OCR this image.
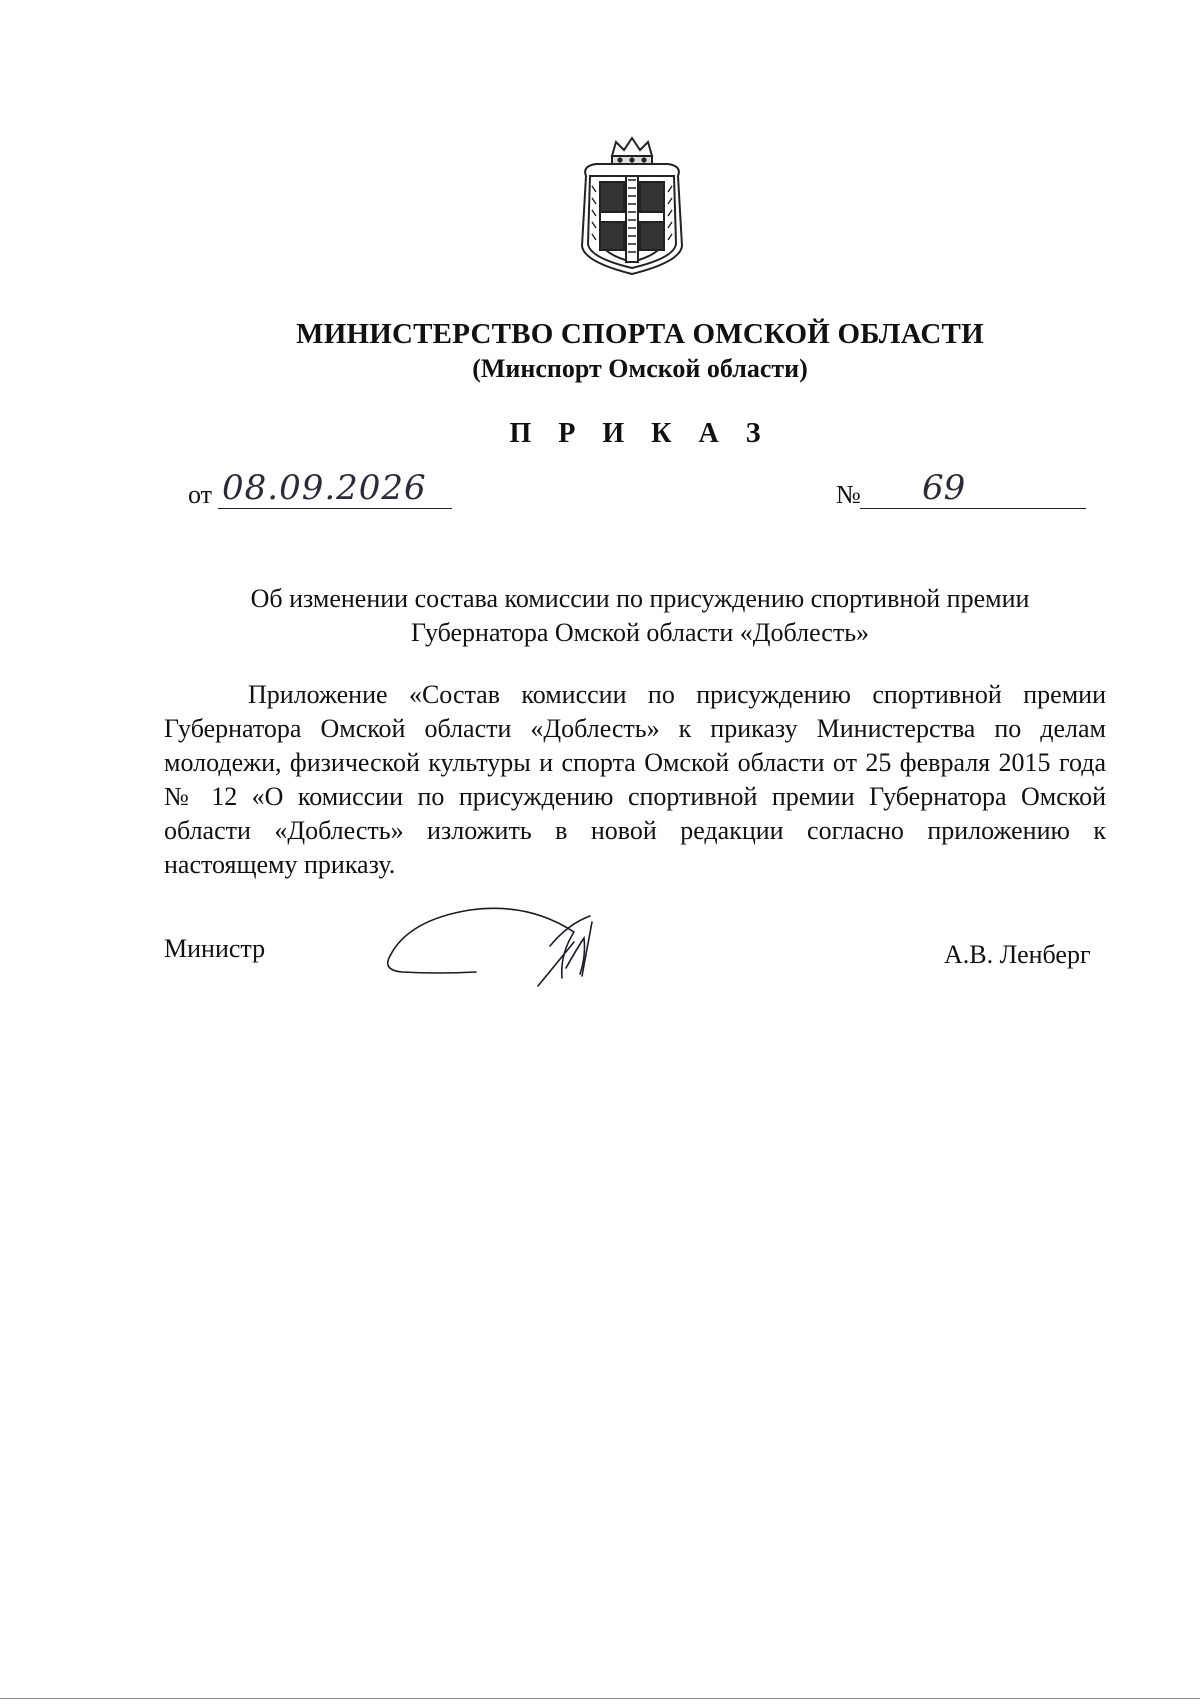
МИНИСТЕРСТВО СПОРТА ОМСКОЙ ОБЛАСТИ
(Минспорт Омской области)
П Р И К А З
от 08.09.2026	№	69
Об изменении состава комиссии по присуждению спортивной премии
Губернатора Омской области «Доблесть»
Приложение «Состав комиссии по присуждению спортивной премии Губернатора Омской области «Доблесть» к приказу Министерства по делам молодежи, физической культуры и спорта Омской области от 25 февраля 2015 года № 12 «О комиссии по присуждению спортивной премии Губернатора Омской области «Доблесть» изложить в новой редакции согласно приложению к настоящему приказу.
Министр	А.В. Ленберг
